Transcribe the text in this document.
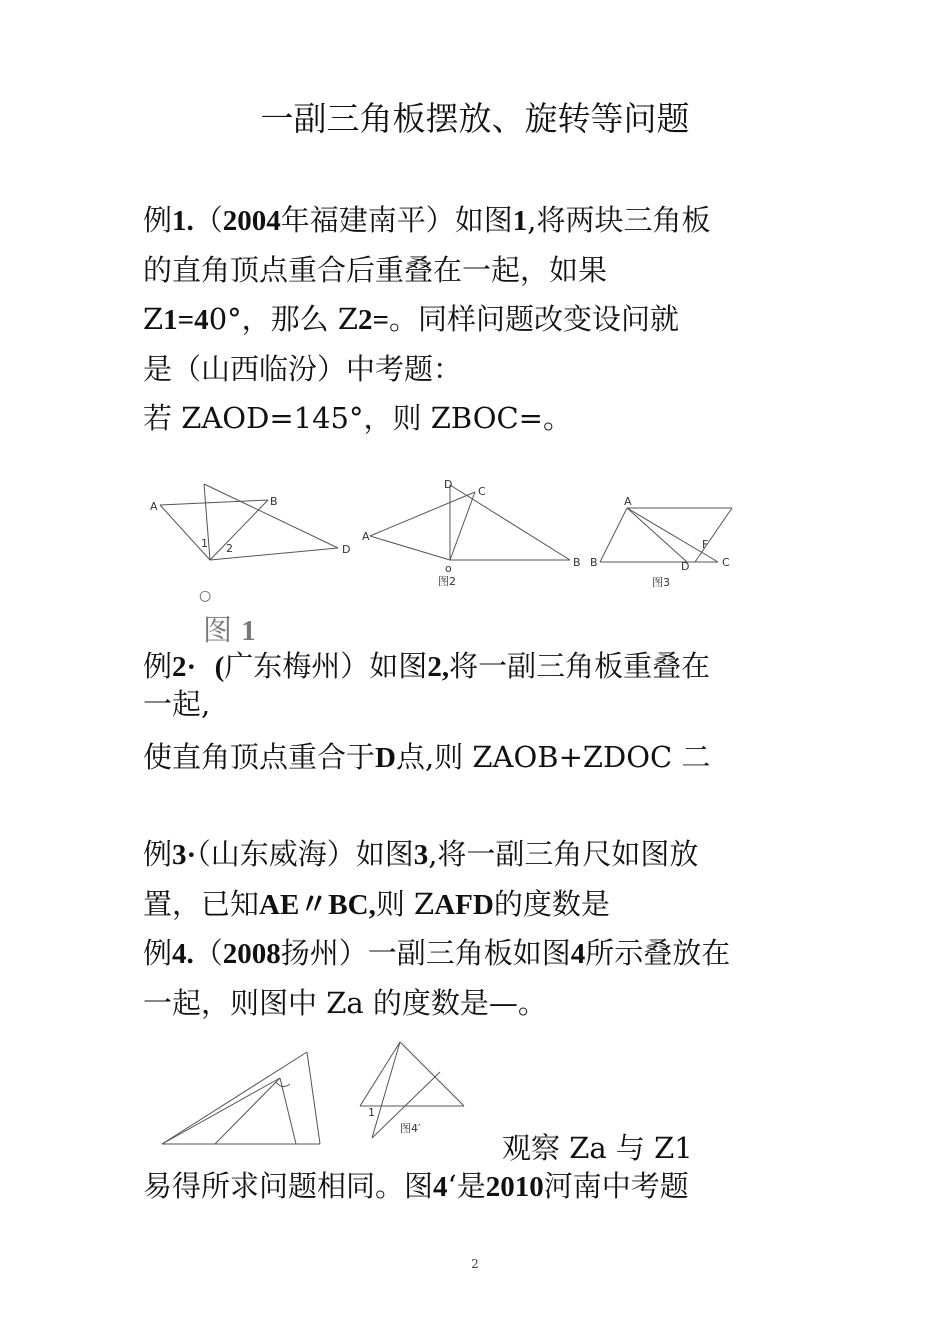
一副三角板摆放、旋转等问题
例1.（2004年福建南平）如图1,将两块三角板
的直角顶点重合后重叠在一起，如果
Z1=40°，那么 Z2=。同样问题改变设问就
是（山西临汾）中考题：
若 ZAOD=145°，则 ZBOC=。
A	B
D
1 2
A
D
C
B
o
图2
A
B	C
D
F
图3
1
图4′
○
图 1
例2· (广东梅州）如图2,将一副三角板重叠在
一起,
使直角顶点重合于D点,则 ZAOB+ZDOC 二
例3·（山东威海）如图3,将一副三角尺如图放
置，已知AE〃BC,则 ZAFD的度数是
例4.（2008扬州）一副三角板如图4所示叠放在
一起，则图中 Za 的度数是—。
观察 Za 与 Z1
易得所求问题相同。图4‘是2010河南中考题
2
